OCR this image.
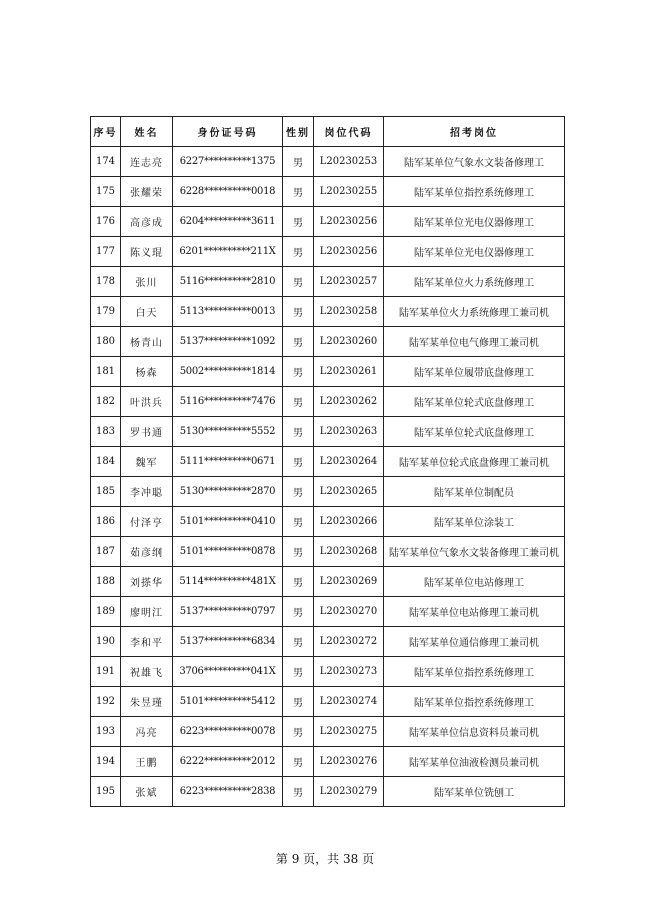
序号	姓名	身份证号码	性别	岗位代码	招考岗位
174	连志亮	6227**********1375	男	L20230253	陆军某单位气象水文装备修理工
175	张耀荣	6228**********0018	男	L20230255	陆军某单位指控系统修理工
176	高彦成	6204**********3611	男	L20230256	陆军某单位光电仪器修理工
177	陈义琨	6201**********211X	男	L20230256	陆军某单位光电仪器修理工
178	张川	5116**********2810	男	L20230257	陆军某单位火力系统修理工
179	白天	5113**********0013	男	L20230258	陆军某单位火力系统修理工兼司机
180	杨青山	5137**********1092	男	L20230260	陆军某单位电气修理工兼司机
181	杨森	5002**********1814	男	L20230261	陆军某单位履带底盘修理工
182	叶洪兵	5116**********7476	男	L20230262	陆军某单位轮式底盘修理工
183	罗书通	5130**********5552	男	L20230263	陆军某单位轮式底盘修理工
184	魏军	5111**********0671	男	L20230264	陆军某单位轮式底盘修理工兼司机
185	李冲聪	5130**********2870	男	L20230265	陆军某单位制配员
186	付泽亨	5101**********0410	男	L20230266	陆军某单位涂装工
187	茹彦纲	5101**********0878	男	L20230268	陆军某单位气象水文装备修理工兼司机
188	刘搽华	5114**********481X	男	L20230269	陆军某单位电站修理工
189	廖明江	5137**********0797	男	L20230270	陆军某单位电站修理工兼司机
190	李和平	5137**********6834	男	L20230272	陆军某单位通信修理工兼司机
191	祝雄飞	3706**********041X	男	L20230273	陆军某单位指控系统修理工
192	朱昱瑾	5101**********5412	男	L20230274	陆军某单位指控系统修理工
193	冯亮	6223**********0078	男	L20230275	陆军某单位信息资料员兼司机
194	王鹏	6222**********2012	男	L20230276	陆军某单位油液检测员兼司机
195	张斌	6223**********2838	男	L20230279	陆军某单位铣刨工
第 9 页，共 38 页
